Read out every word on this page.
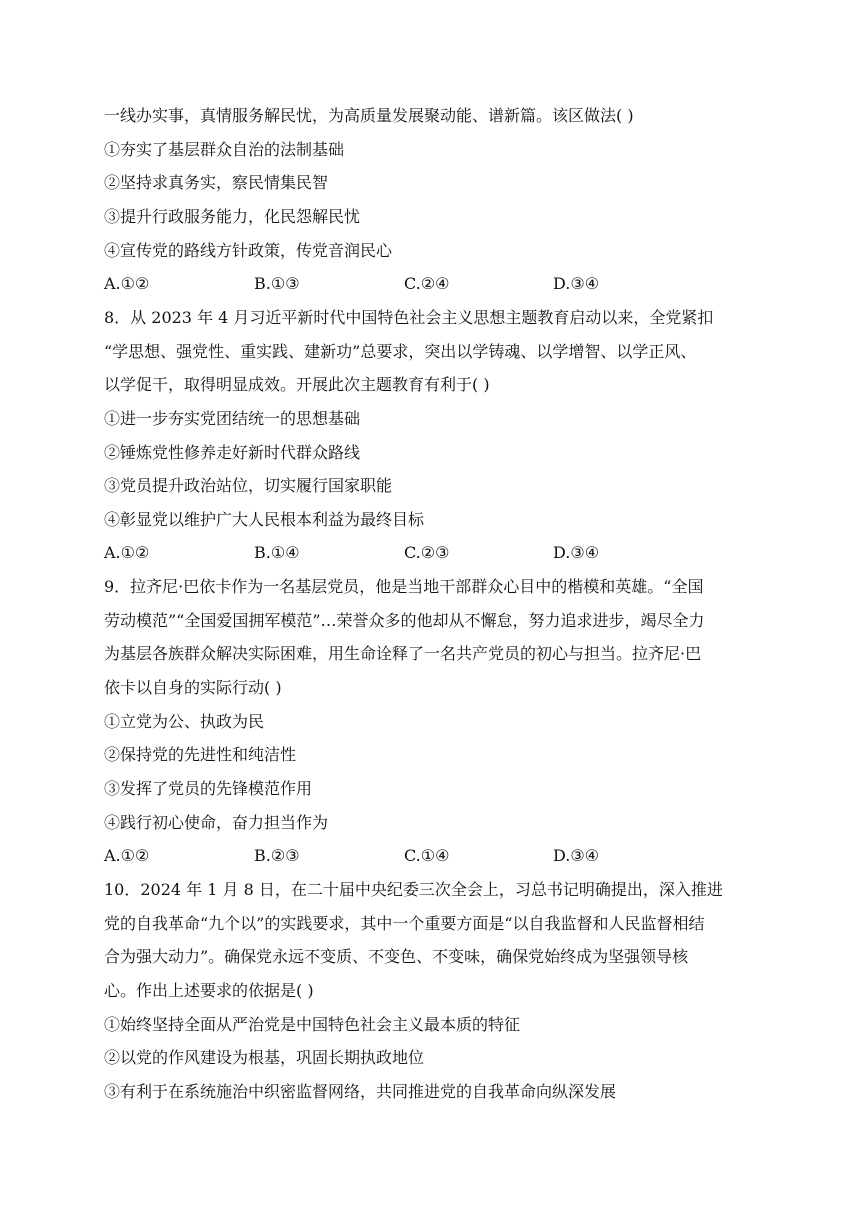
一线办实事，真情服务解民忧，为高质量发展聚动能、谱新篇。该区做法( )
①夯实了基层群众自治的法制基础
②坚持求真务实，察民情集民智
③提升行政服务能力，化民怨解民忧
④宣传党的路线方针政策，传党音润民心
A.①②	B.①③	C.②④	D.③④
8．从 2023 年 4 月习近平新时代中国特色社会主义思想主题教育启动以来，全党紧扣
“学思想、强党性、重实践、建新功”总要求，突出以学铸魂、以学增智、以学正风、
以学促干，取得明显成效。开展此次主题教育有利于( )
①进一步夯实党团结统一的思想基础
②锤炼党性修养走好新时代群众路线
③党员提升政治站位，切实履行国家职能
④彰显党以维护广大人民根本利益为最终目标
A.①②	B.①④	C.②③	D.③④
9．拉齐尼·巴依卡作为一名基层党员，他是当地干部群众心目中的楷模和英雄。“全国
劳动模范”“全国爱国拥军模范”…荣誉众多的他却从不懈怠，努力追求进步，竭尽全力
为基层各族群众解决实际困难，用生命诠释了一名共产党员的初心与担当。拉齐尼·巴
依卡以自身的实际行动( )
①立党为公、执政为民
②保持党的先进性和纯洁性
③发挥了党员的先锋模范作用
④践行初心使命，奋力担当作为
A.①②	B.②③	C.①④	D.③④
10．2024 年 1 月 8 日，在二十届中央纪委三次全会上，习总书记明确提出，深入推进
党的自我革命“九个以”的实践要求，其中一个重要方面是“以自我监督和人民监督相结
合为强大动力”。确保党永远不变质、不变色、不变味，确保党始终成为坚强领导核
心。作出上述要求的依据是( )
①始终坚持全面从严治党是中国特色社会主义最本质的特征
②以党的作风建设为根基，巩固长期执政地位
③有利于在系统施治中织密监督网络，共同推进党的自我革命向纵深发展
